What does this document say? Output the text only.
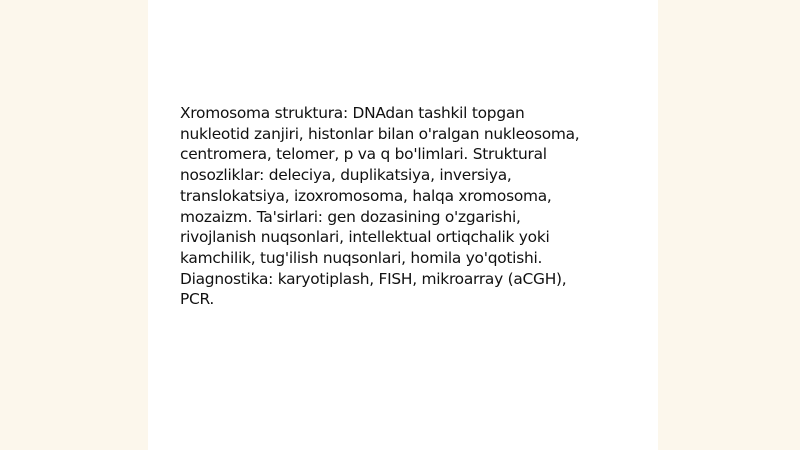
Xromosoma struktura: DNAdan tashkil topgan
nukleotid zanjiri, histonlar bilan o'ralgan nukleosoma,
centromera, telomer, p va q bo'limlari. Struktural
nosozliklar: deleciya, duplikatsiya, inversiya,
translokatsiya, izoxromosoma, halqa xromosoma,
mozaizm. Ta'sirlari: gen dozasining o'zgarishi,
rivojlanish nuqsonlari, intellektual ortiqchalik yoki
kamchilik, tug'ilish nuqsonlari, homila yo'qotishi.
Diagnostika: karyotiplash, FISH, mikroarray (aCGH),
PCR.
